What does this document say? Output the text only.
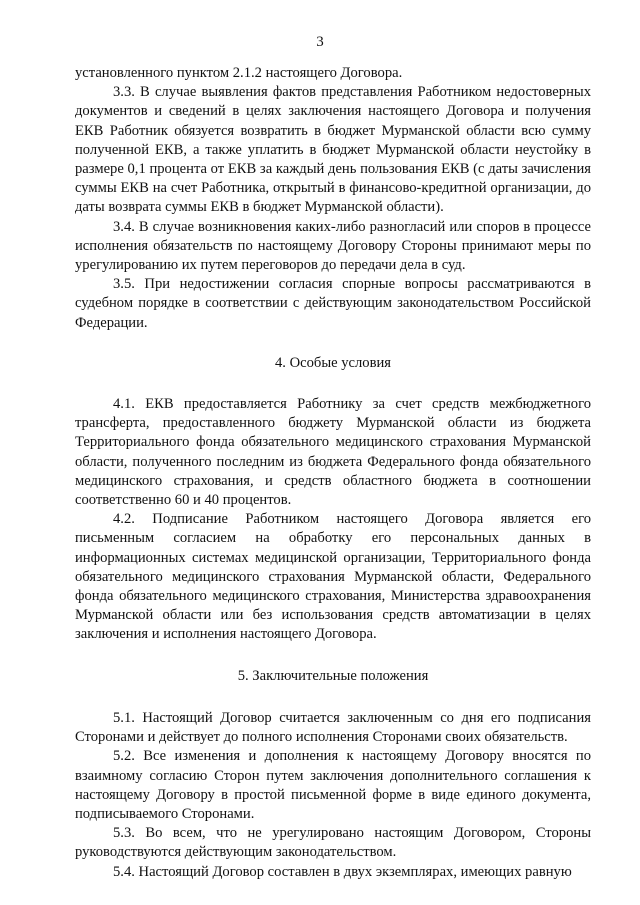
3

установленного пунктом 2.1.2 настоящего Договора.

3.3. В случае выявления фактов представления Работником недостоверных документов и сведений в целях заключения настоящего Договора и получения ЕКВ Работник обязуется возвратить в бюджет Мурманской области всю сумму полученной ЕКВ, а также уплатить в бюджет Мурманской области неустойку в размере 0,1 процента от ЕКВ за каждый день пользования ЕКВ (с даты зачисления суммы ЕКВ на счет Работника, открытый в финансово-кредитной организации, до даты возврата суммы ЕКВ в бюджет Мурманской области).

3.4. В случае возникновения каких-либо разногласий или споров в процессе исполнения обязательств по настоящему Договору Стороны принимают меры по урегулированию их путем переговоров до передачи дела в суд.

3.5. При недостижении согласия спорные вопросы рассматриваются в судебном порядке в соответствии с действующим законодательством Российской Федерации.

4. Особые условия

4.1. ЕКВ предоставляется Работнику за счет средств межбюджетного трансферта, предоставленного бюджету Мурманской области из бюджета Территориального фонда обязательного медицинского страхования Мурманской области, полученного последним из бюджета Федерального фонда обязательного медицинского страхования, и средств областного бюджета в соотношении соответственно 60 и 40 процентов.

4.2. Подписание Работником настоящего Договора является его письменным согласием на обработку его персональных данных в информационных системах медицинской организации, Территориального фонда обязательного медицинского страхования Мурманской области, Федерального фонда обязательного медицинского страхования, Министерства здравоохранения Мурманской области или без использования средств автоматизации в целях заключения и исполнения настоящего Договора.

5. Заключительные положения

5.1. Настоящий Договор считается заключенным со дня его подписания Сторонами и действует до полного исполнения Сторонами своих обязательств.

5.2. Все изменения и дополнения к настоящему Договору вносятся по взаимному согласию Сторон путем заключения дополнительного соглашения к настоящему Договору в простой письменной форме в виде единого документа, подписываемого Сторонами.

5.3. Во всем, что не урегулировано настоящим Договором, Стороны руководствуются действующим законодательством.

5.4. Настоящий Договор составлен в двух экземплярах, имеющих равную
